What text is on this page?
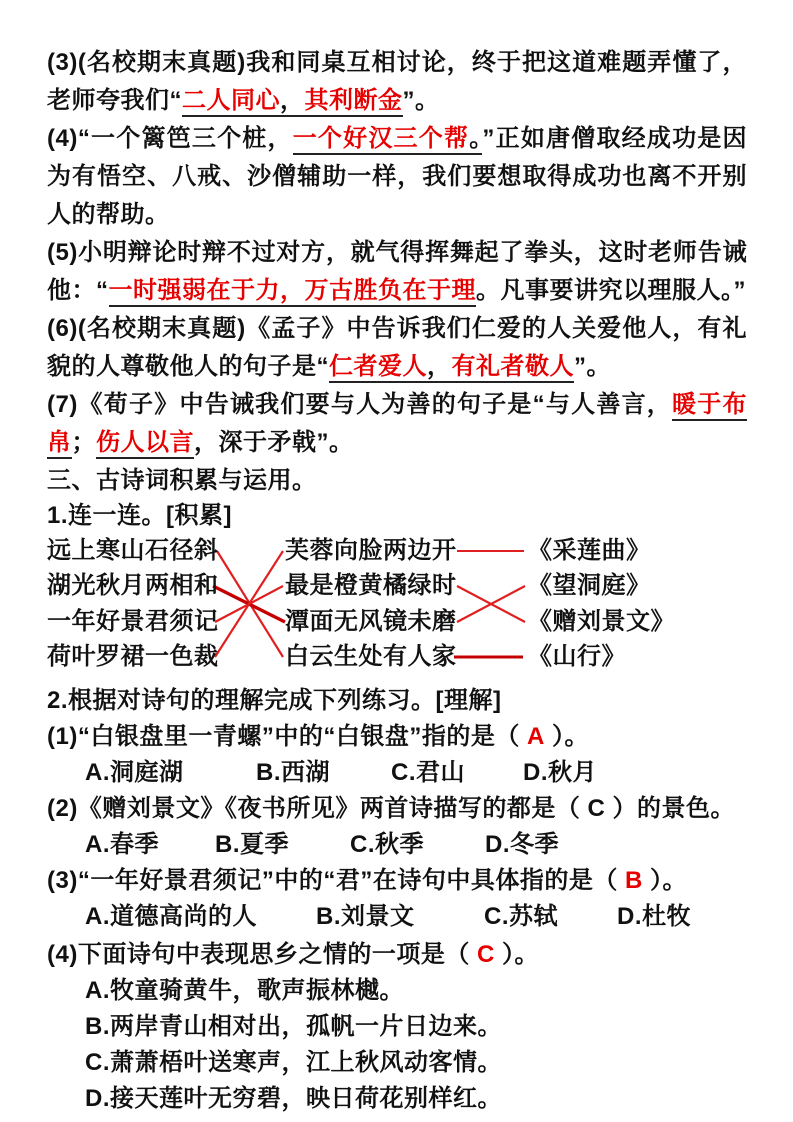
(3)(名校期末真题)我和同桌互相讨论，终于把这道难题弄懂了，老师夸我们“二人同心，其利断金”。

(4)“一个篱笆三个桩，一个好汉三个帮。”正如唐僧取经成功是因为有悟空、八戒、沙僧辅助一样，我们要想取得成功也离不开别人的帮助。

(5)小明辩论时辩不过对方，就气得挥舞起了拳头，这时老师告诫他：“一时强弱在于力，万古胜负在于理。凡事要讲究以理服人。”

(6)(名校期末真题)《孟子》中告诉我们仁爱的人关爱他人，有礼貌的人尊敬他人的句子是“仁者爱人，有礼者敬人”。

(7)《荀子》中告诫我们要与人为善的句子是“与人善言，暖于布帛；伤人以言，深于矛戟”。

三、古诗词积累与运用。
1.连一连。[积累]
远上寒山石径斜
湖光秋月两相和
一年好景君须记
荷叶罗裙一色裁
芙蓉向脸两边开
最是橙黄橘绿时
潭面无风镜未磨
白云生处有人家
《采莲曲》
《望洞庭》
《赠刘景文》
《山行》
2.根据对诗句的理解完成下列练习。[理解]

(1)“白银盘里一青螺”中的“白银盘”指的是（ A ）。

A.洞庭湖	B.西湖	C.君山 D.秋月

(2)《赠刘景文》《夜书所见》两首诗描写的都是（ C ）的景色。

A.春季 B.夏季	C.秋季	D.冬季

(3)“一年好景君须记”中的“君”在诗句中具体指的是（ B ）。

A.道德高尚的人 B.刘景文	C.苏轼 D.杜牧

(4)下面诗句中表现思乡之情的一项是（ C ）。

A.牧童骑黄牛，歌声振林樾。
B.两岸青山相对出，孤帆一片日边来。
C.萧萧梧叶送寒声，江上秋风动客情。
D.接天莲叶无穷碧，映日荷花别样红。
